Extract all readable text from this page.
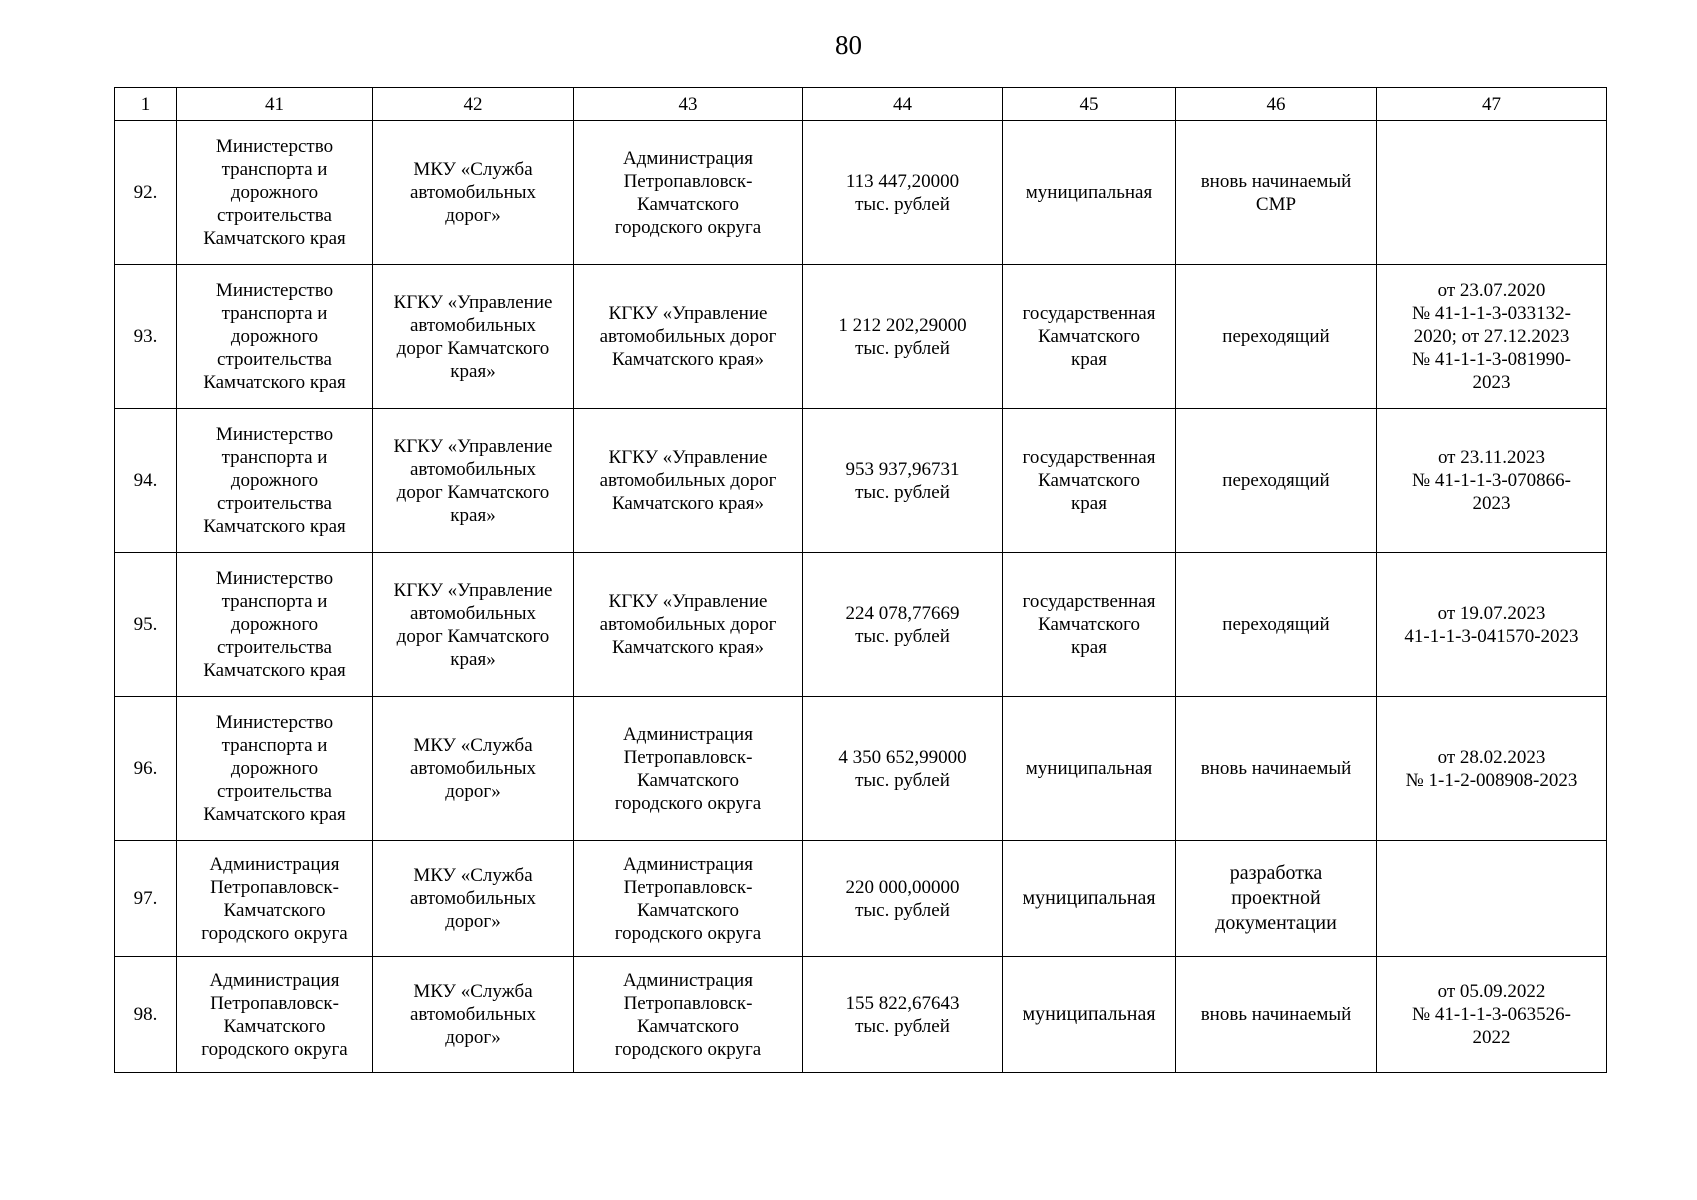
80
1	41	42	43	44	45	46	47
92.	Министерство
транспорта и
дорожного
строительства
Камчатского края	МКУ «Служба
автомобильных
дорог»	Администрация
Петропавловск-
Камчатского
городского округа	113 447,20000
тыс. рублей	муниципальная	вновь начинаемый
СМР	
93.	Министерство
транспорта и
дорожного
строительства
Камчатского края	КГКУ «Управление
автомобильных
дорог Камчатского
края»	КГКУ «Управление
автомобильных дорог
Камчатского края»	1 212 202,29000
тыс. рублей	государственная
Камчатского
края	переходящий	от 23.07.2020
№ 41-1-1-3-033132-
2020; от 27.12.2023
№ 41-1-1-3-081990-
2023
94.	Министерство
транспорта и
дорожного
строительства
Камчатского края	КГКУ «Управление
автомобильных
дорог Камчатского
края»	КГКУ «Управление
автомобильных дорог
Камчатского края»	953 937,96731
тыс. рублей	государственная
Камчатского
края	переходящий	от 23.11.2023
№ 41-1-1-3-070866-
2023
95.	Министерство
транспорта и
дорожного
строительства
Камчатского края	КГКУ «Управление
автомобильных
дорог Камчатского
края»	КГКУ «Управление
автомобильных дорог
Камчатского края»	224 078,77669
тыс. рублей	государственная
Камчатского
края	переходящий	от 19.07.2023
41-1-1-3-041570-2023
96.	Министерство
транспорта и
дорожного
строительства
Камчатского края	МКУ «Служба
автомобильных
дорог»	Администрация
Петропавловск-
Камчатского
городского округа	4 350 652,99000
тыс. рублей	муниципальная	вновь начинаемый	от 28.02.2023
№ 1-1-2-008908-2023
97.	Администрация
Петропавловск-
Камчатского
городского округа	МКУ «Служба
автомобильных
дорог»	Администрация
Петропавловск-
Камчатского
городского округа	220 000,00000
тыс. рублей	муниципальная	разработка
проектной
документации	
98.	Администрация
Петропавловск-
Камчатского
городского округа	МКУ «Служба
автомобильных
дорог»	Администрация
Петропавловск-
Камчатского
городского округа	155 822,67643
тыс. рублей	муниципальная	вновь начинаемый	от 05.09.2022
№ 41-1-1-3-063526-
2022
